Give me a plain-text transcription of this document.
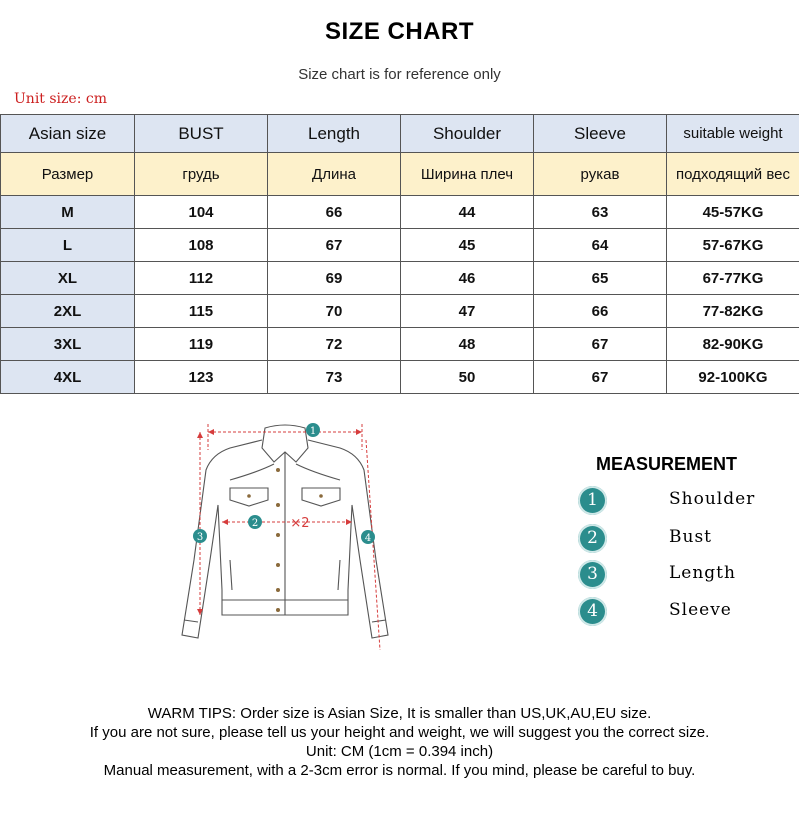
SIZE CHART
Size chart is for reference only
Unit size: cm
Asian size	BUST	Length	Shoulder	Sleeve	suitable weight
Размер	грудь	Длина	Ширина плеч	рукав	подходящий вес
M	104	66	44	63	45-57KG
L	108	67	45	64	57-67KG
XL	112	69	46	65	67-77KG
2XL	115	70	47	66	77-82KG
3XL	119	72	48	67	82-90KG
4XL	123	73	50	67	92-100KG
1
2 ×2
3	4
MEASUREMENT
1	Shoulder
2	Bust
3	Length
4	Sleeve
WARM TIPS: Order size is Asian Size, It is smaller than US,UK,AU,EU size.
If you are not sure, please tell us your height and weight, we will suggest you the correct size.
Unit: CM (1cm = 0.394 inch)
Manual measurement, with a 2-3cm error is normal. If you mind, please be careful to buy.
